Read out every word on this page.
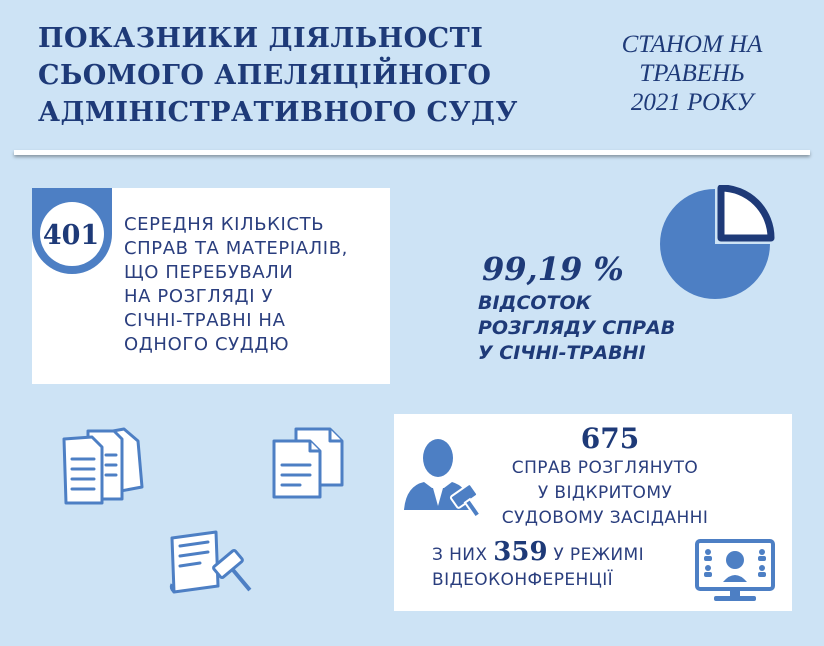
ПОКАЗНИКИ ДІЯЛЬНОСТІ
СЬОМОГО АПЕЛЯЦІЙНОГО
АДМІНІСТРАТИВНОГО СУДУ
СТАНОМ НА
ТРАВЕНЬ
2021 РОКУ
401 СЕРЕДНЯ КІЛЬКІСТЬ
СПРАВ ТА МАТЕРІАЛІВ,
ЩО ПЕРЕБУВАЛИ
НА РОЗГЛЯДІ У
СІЧНІ-ТРАВНІ НА
ОДНОГО СУДДЮ
99,19 %
ВІДСОТОК
РОЗГЛЯДУ СПРАВ
У СІЧНІ-ТРАВНІ
675
СПРАВ РОЗГЛЯНУТО
У ВІДКРИТОМУ
СУДОВОМУ ЗАСІДАННІ
З НИХ 359 У РЕЖИМІ
ВІДЕОКОНФЕРЕНЦІЇ
